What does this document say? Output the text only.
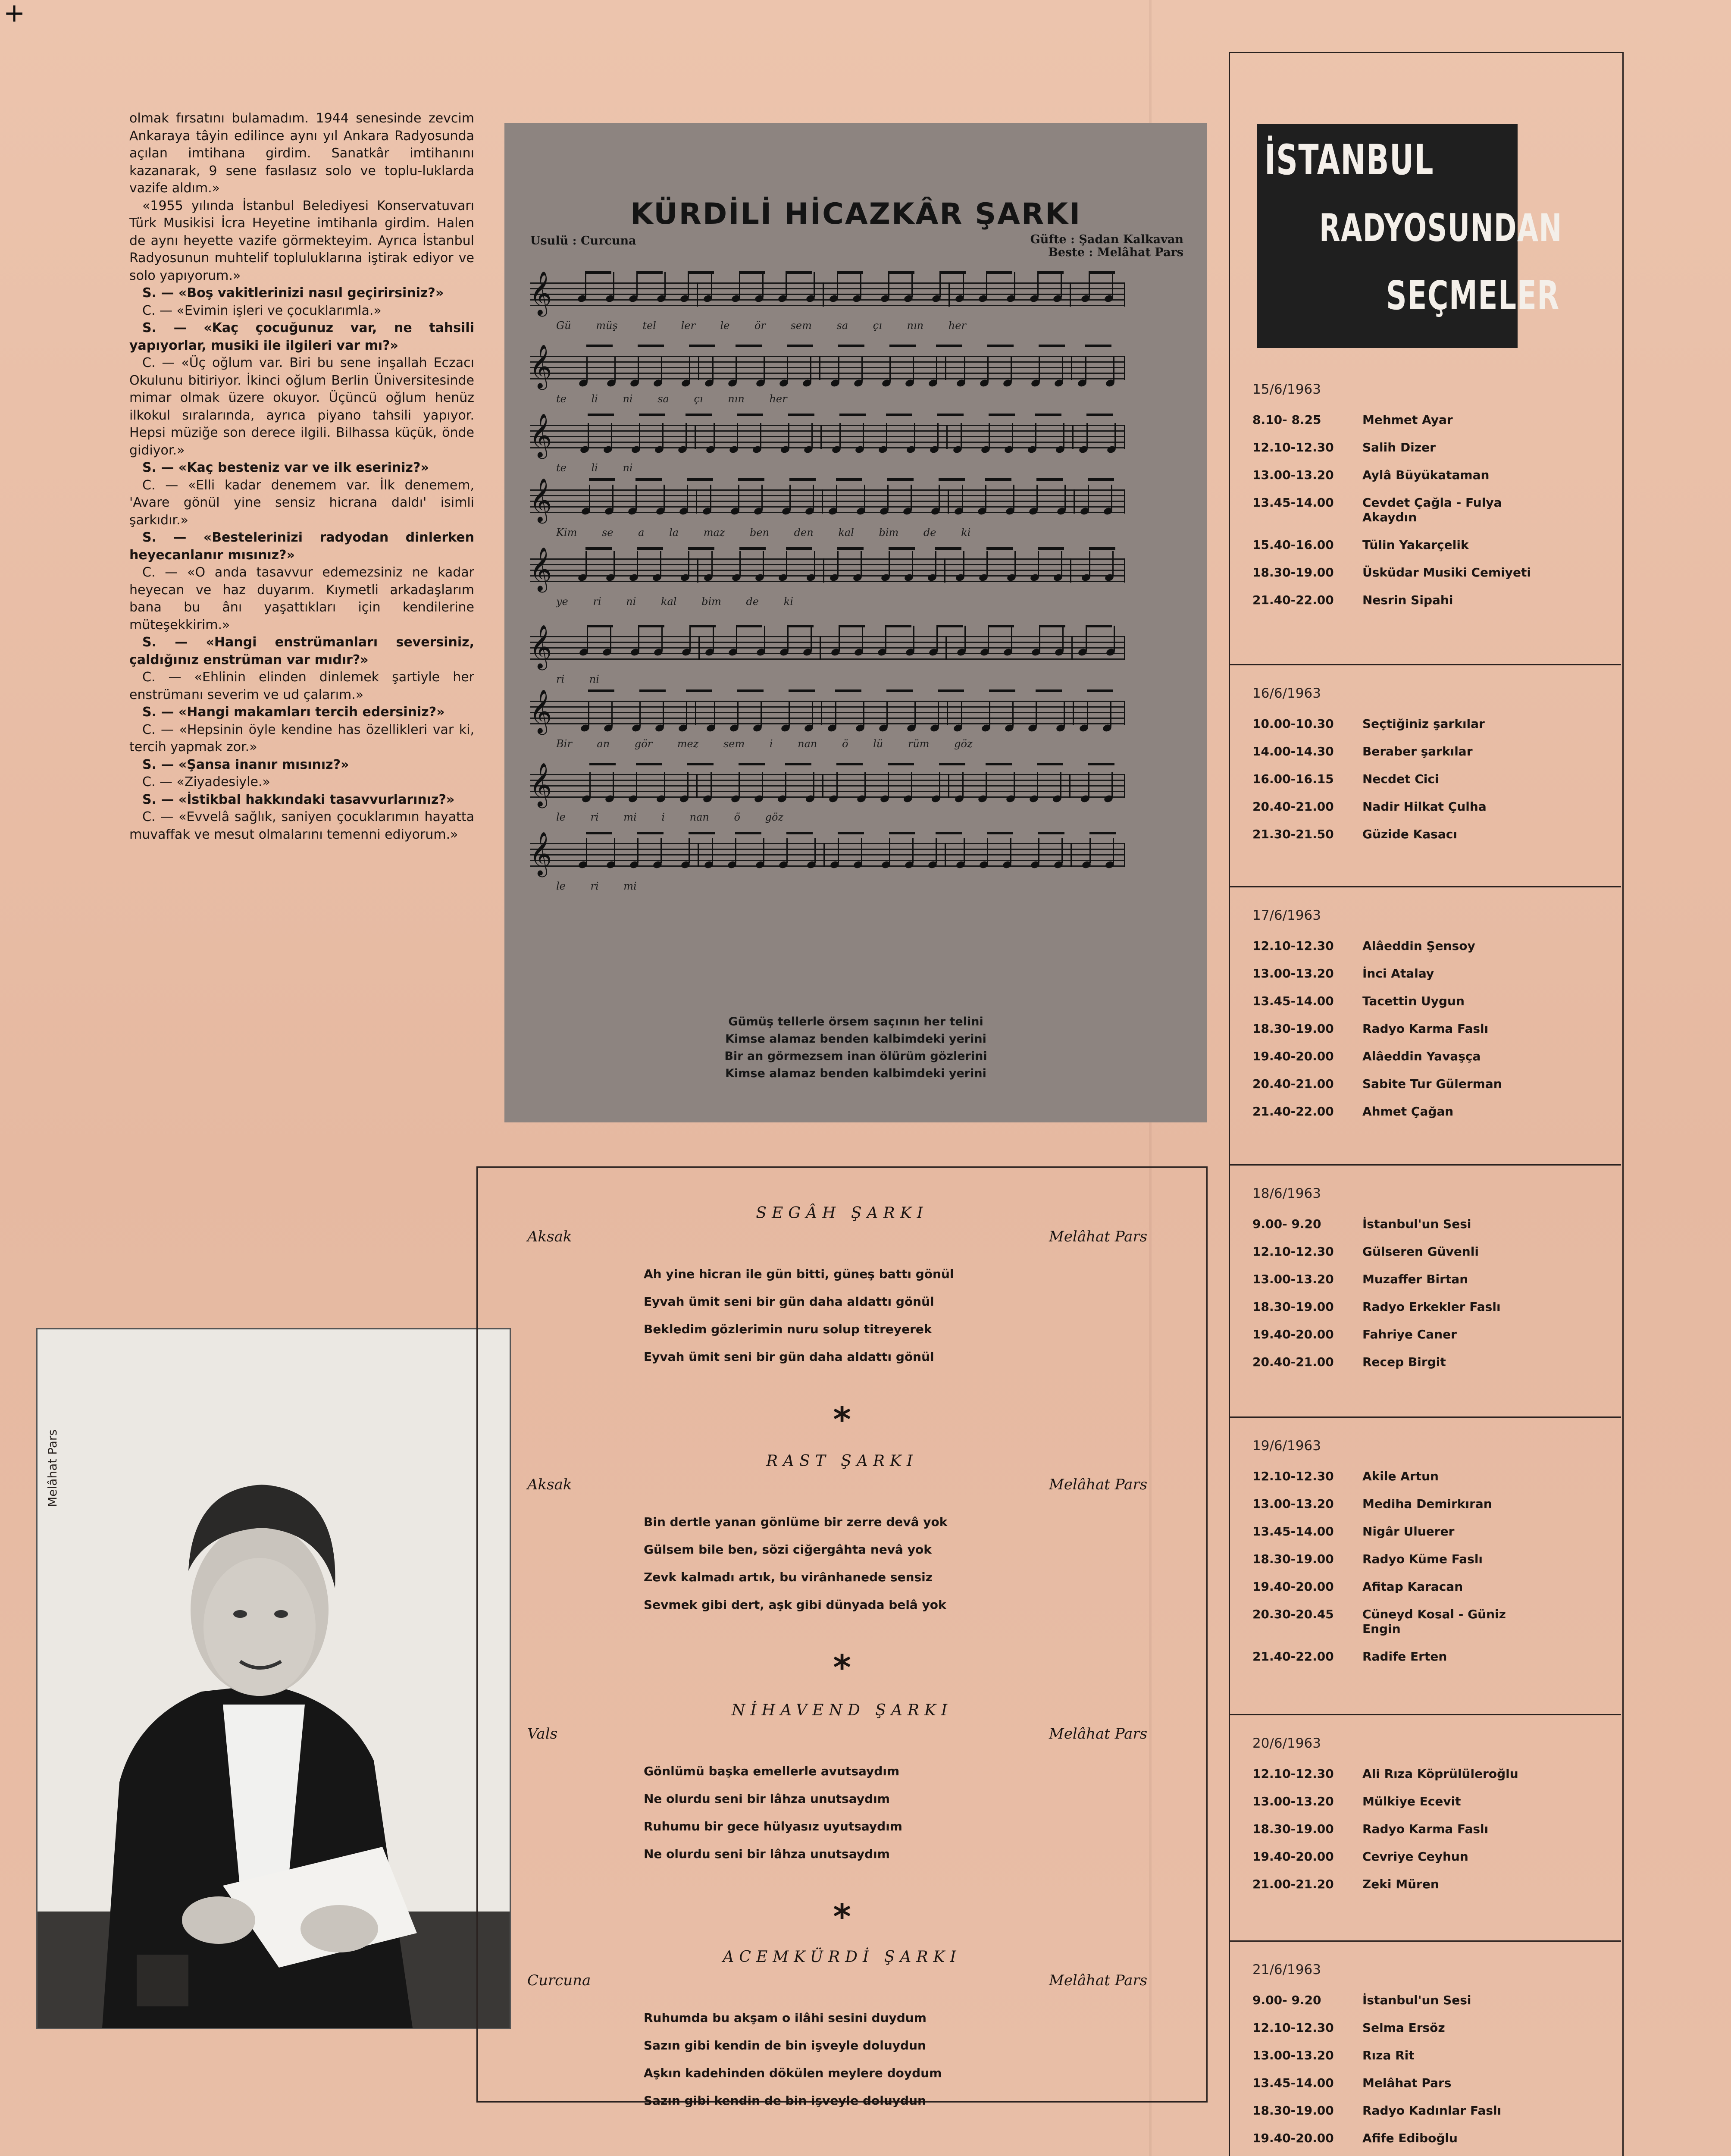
+

olmak fırsatını bulamadım. 1944 senesinde zevcim Ankaraya tâyin edilince aynı yıl Ankara Radyosunda açılan imtihana girdim. Sanatkâr imtihanını kazanarak, 9 sene fasılasız solo ve toplu-luklarda vazife aldım.»

«1955 yılında İstanbul Belediyesi Konservatuvarı Türk Musikisi İcra Heyetine imtihanla girdim. Halen de aynı heyette vazife görmekteyim. Ayrıca İstanbul Radyosunun muhtelif topluluklarına iştirak ediyor ve solo yapıyorum.»

S. — «Boş vakitlerinizi nasıl geçirirsiniz?»

C. — «Evimin işleri ve çocuklarımla.»

S. — «Kaç çocuğunuz var, ne tahsili yapıyorlar, musiki ile ilgileri var mı?»

C. — «Üç oğlum var. Biri bu sene inşallah Eczacı Okulunu bitiriyor. İkinci oğlum Berlin Üniversitesinde mimar olmak üzere okuyor. Üçüncü oğlum henüz ilkokul sıralarında, ayrıca piyano tahsili yapıyor. Hepsi müziğe son derece ilgili. Bilhassa küçük, önde gidiyor.»

S. — «Kaç besteniz var ve ilk eseriniz?»

C. — «Elli kadar denemem var. İlk denemem, 'Avare gönül yine sensiz hicrana daldı' isimli şarkıdır.»

S. — «Bestelerinizi radyodan dinlerken heyecanlanır mısınız?»

C. — «O anda tasavvur edemezsiniz ne kadar heyecan ve haz duyarım. Kıymetli arkadaşlarım bana bu ânı yaşattıkları için kendilerine müteşekkirim.»

S. — «Hangi enstrümanları seversiniz, çaldığınız enstrüman var mıdır?»

C. — «Ehlinin elinden dinlemek şartiyle her enstrümanı severim ve ud çalarım.»

S. — «Hangi makamları tercih edersiniz?»

C. — «Hepsinin öyle kendine has özellikleri var ki, tercih yapmak zor.»

S. — «Şansa inanır mısınız?»

C. — «Ziyadesiyle.»

S. — «İstikbal hakkındaki tasavvurlarınız?»

C. — «Evvelâ sağlık, saniyen çocuklarımın hayatta muvaffak ve mesut olmalarını temenni ediyorum.»

KÜRDİLİ HİCAZKÂR ŞARKI
Usulü : Curcuna	Güfte : Şadan Kalkavan
Beste : Melâhat Pars
𝄞
Gü müş tel ler le ör sem sa çı nın her
𝄞
te li ni sa çı nın her
𝄞
te li ni
𝄞
Kim se a la maz ben den kal bim de ki
𝄞
ye ri ni kal bim de ki
𝄞
ri ni
𝄞
Bir an gör mez sem i nan ö lü rüm göz
𝄞
le ri mi i nan ö göz
𝄞
le ri mi
Gümüş tellerle örsem saçının her telini
Kimse alamaz benden kalbimdeki yerini
Bir an görmezsem inan ölürüm gözlerini
Kimse alamaz benden kalbimdeki yerini
Melâhat Pars
SEGÂH ŞARKI
Aksak	Melâhat Pars
Ah yine hicran ile gün bitti, güneş battı gönül
Eyvah ümit seni bir gün daha aldattı gönül
Bekledim gözlerimin nuru solup titreyerek
Eyvah ümit seni bir gün daha aldattı gönül
*
RAST ŞARKI
Aksak	Melâhat Pars
Bin dertle yanan gönlüme bir zerre devâ yok
Gülsem bile ben, sözi ciğergâhta nevâ yok
Zevk kalmadı artık, bu virânhanede sensiz
Sevmek gibi dert, aşk gibi dünyada belâ yok
*
NİHAVEND ŞARKI
Vals	Melâhat Pars
Gönlümü başka emellerle avutsaydım
Ne olurdu seni bir lâhza unutsaydım
Ruhumu bir gece hülyasız uyutsaydım
Ne olurdu seni bir lâhza unutsaydım
*
ACEMKÜRDİ ŞARKI
Curcuna	Melâhat Pars
Ruhumda bu akşam o ilâhi sesini duydum
Sazın gibi kendin de bin işveyle doluydun
Aşkın kadehinden dökülen meylere doydum
Sazın gibi kendin de bin işveyle doluydun
İSTANBUL
RADYOSUNDAN
SEÇMELER
15/6/1963
8.10- 8.25	Mehmet Ayar
12.10-12.30	Salih Dizer
13.00-13.20	Aylâ Büyükataman
13.45-14.00	Cevdet Çağla - Fulya Akaydın
15.40-16.00	Tülin Yakarçelik
18.30-19.00	Üsküdar Musiki Cemiyeti
21.40-22.00	Nesrin Sipahi
16/6/1963
10.00-10.30	Seçtiğiniz şarkılar
14.00-14.30	Beraber şarkılar
16.00-16.15	Necdet Cici
20.40-21.00	Nadir Hilkat Çulha
21.30-21.50	Güzide Kasacı
17/6/1963
12.10-12.30	Alâeddin Şensoy
13.00-13.20	İnci Atalay
13.45-14.00	Tacettin Uygun
18.30-19.00	Radyo Karma Faslı
19.40-20.00	Alâeddin Yavaşça
20.40-21.00	Sabite Tur Gülerman
21.40-22.00	Ahmet Çağan
18/6/1963
9.00- 9.20	İstanbul'un Sesi
12.10-12.30	Gülseren Güvenli
13.00-13.20	Muzaffer Birtan
18.30-19.00	Radyo Erkekler Faslı
19.40-20.00	Fahriye Caner
20.40-21.00	Recep Birgit
19/6/1963
12.10-12.30	Akile Artun
13.00-13.20	Mediha Demirkıran
13.45-14.00	Nigâr Uluerer
18.30-19.00	Radyo Küme Faslı
19.40-20.00	Afitap Karacan
20.30-20.45	Cüneyd Kosal - Güniz Engin
21.40-22.00	Radife Erten
20/6/1963
12.10-12.30	Ali Rıza Köprülüleroğlu
13.00-13.20	Mülkiye Ecevit
18.30-19.00	Radyo Karma Faslı
19.40-20.00	Cevriye Ceyhun
21.00-21.20	Zeki Müren
21/6/1963
9.00- 9.20	İstanbul'un Sesi
12.10-12.30	Selma Ersöz
13.00-13.20	Rıza Rit
13.45-14.00	Melâhat Pars
18.30-19.00	Radyo Kadınlar Faslı
19.40-20.00	Afife Ediboğlu
